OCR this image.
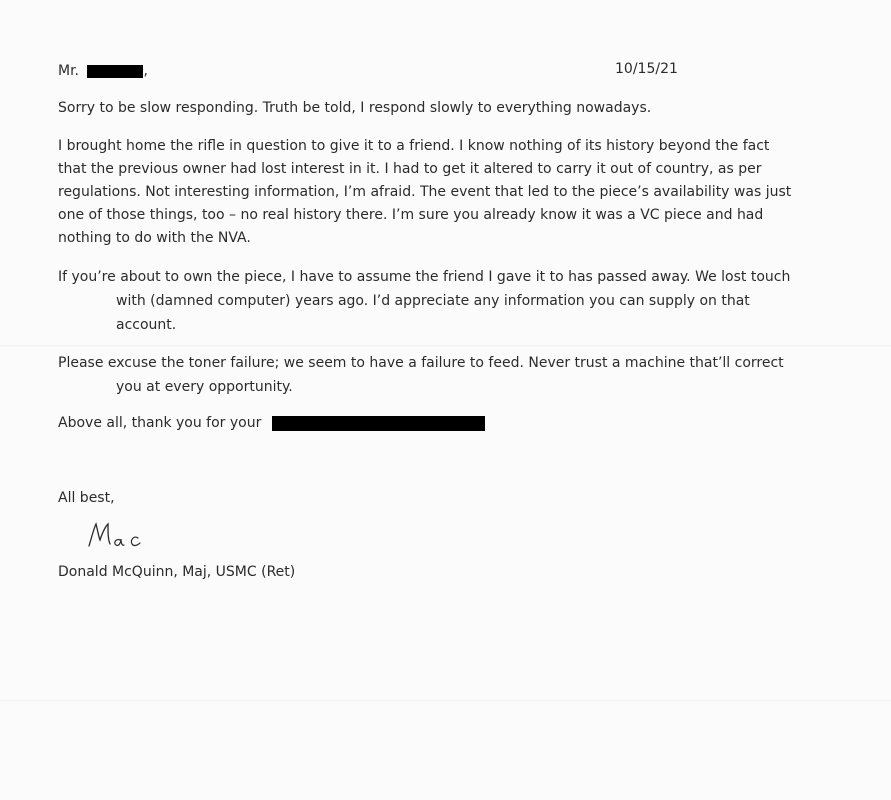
Mr.	,	10/15/21
Sorry to be slow responding. Truth be told, I respond slowly to everything nowadays.
I brought home the rifle in question to give it to a friend. I know nothing of its history beyond the fact
that the previous owner had lost interest in it. I had to get it altered to carry it out of country, as per
regulations. Not interesting information, I’m afraid. The event that led to the piece’s availability was just
one of those things, too – no real history there. I’m sure you already know it was a VC piece and had
nothing to do with the NVA.
If you’re about to own the piece, I have to assume the friend I gave it to has passed away. We lost touch
with (damned computer) years ago. I’d appreciate any information you can supply on that
account.
Please excuse the toner failure; we seem to have a failure to feed. Never trust a machine that’ll correct
you at every opportunity.
Above all, thank you for your
All best,
Donald McQuinn, Maj, USMC (Ret)
